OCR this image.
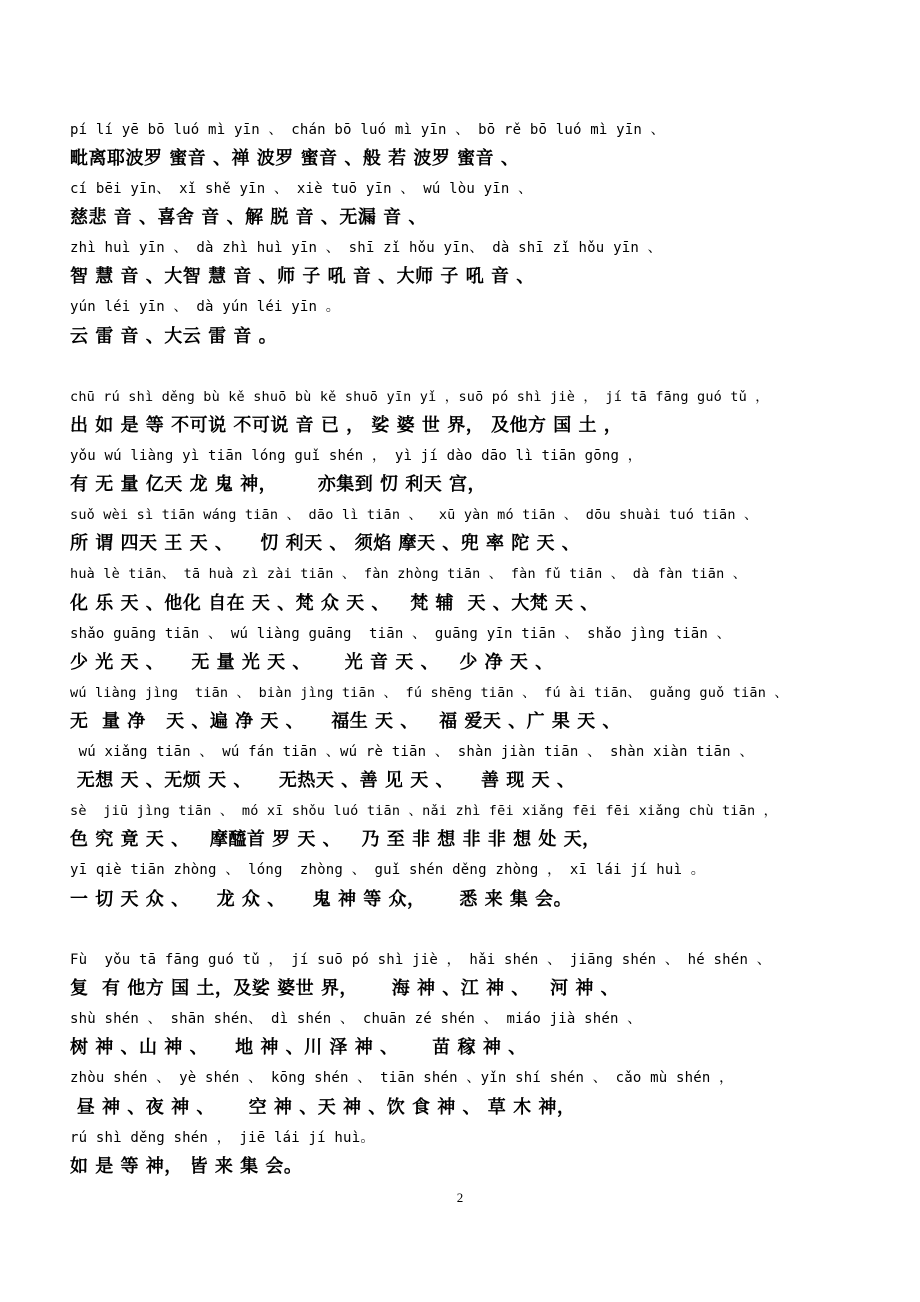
pí lí yē bō luó mì yīn 、 chán bō luó mì yīn 、 bō rě bō luó mì yīn 、
毗离耶波罗 蜜音 、禅 波罗 蜜音 、般 若 波罗 蜜音 、
cí bēi yīn、 xǐ shě yīn 、 xiè tuō yīn 、 wú lòu yīn 、
慈悲 音 、喜舍 音 、解 脱 音 、无漏 音 、
zhì huì yīn 、 dà zhì huì yīn 、 shī zǐ hǒu yīn、 dà shī zǐ hǒu yīn 、
智 慧 音 、大智 慧 音 、师 子 吼 音 、大师 子 吼 音 、
yún léi yīn 、 dà yún léi yīn 。
云 雷 音 、大云 雷 音 。
chū rú shì děng bù kě shuō bù kě shuō yīn yǐ ，suō pó shì jiè ， jí tā fāng guó tǔ ，
出 如 是 等 不可说 不可说 音 已 ， 娑 婆 世 界， 及他方 国 土 ，
yǒu wú liàng yì tiān lóng guǐ shén ， yì jí dào dāo lì tiān gōng ，
有 无 量 亿天 龙 鬼 神，      亦集到 忉 利天 宫，
suǒ wèi sì tiān wáng tiān 、 dāo lì tiān 、  xū yàn mó tiān 、 dōu shuài tuó tiān 、
所 谓 四天 王 天 、    忉 利天 、 须焰 摩天 、兜 率 陀 天 、
huà lè tiān、 tā huà zì zài tiān 、 fàn zhòng tiān 、 fàn fǔ tiān 、 dà fàn tiān 、
化 乐 天 、他化 自在 天 、梵 众 天 、   梵 辅  天 、大梵 天 、
shǎo guāng tiān 、 wú liàng guāng  tiān 、 guāng yīn tiān 、 shǎo jìng tiān 、
少 光 天 、    无 量 光 天 、     光 音 天 、   少 净 天 、
wú liàng jìng  tiān 、 biàn jìng tiān 、 fú shēng tiān 、 fú ài tiān、 guǎng guǒ tiān 、
无  量 净   天 、遍 净 天 、    福生 天 、   福 爱天 、广 果 天 、
wú xiǎng tiān 、 wú fán tiān 、wú rè tiān 、 shàn jiàn tiān 、 shàn xiàn tiān 、
无想 天 、无烦 天 、    无热天 、善 见 天 、    善 现 天 、
sè  jiū jìng tiān 、 mó xī shǒu luó tiān 、nǎi zhì fēi xiǎng fēi fēi xiǎng chù tiān ，
色 究 竟 天 、   摩醯首 罗 天 、   乃 至 非 想 非 非 想 处 天，
yī qiè tiān zhòng 、 lóng  zhòng 、 guǐ shén děng zhòng ， xī lái jí huì 。
一 切 天 众 、    龙 众 、    鬼 神 等 众，     悉 来 集 会。
Fù  yǒu tā fāng guó tǔ ， jí suō pó shì jiè ， hǎi shén 、 jiāng shén 、 hé shén 、
复  有 他方 国 土，及娑 婆世 界，     海 神 、江 神 、   河 神 、
shù shén 、 shān shén、 dì shén 、 chuān zé shén 、 miáo jià shén 、
树 神 、山 神 、    地 神 、川 泽 神 、     苗 稼 神 、
zhòu shén 、 yè shén 、 kōng shén 、 tiān shén 、yǐn shí shén 、 cǎo mù shén ，
昼 神 、夜 神 、     空 神 、天 神 、饮 食 神 、 草 木 神，
rú shì děng shén ， jiē lái jí huì。
如 是 等 神， 皆 来 集 会。
2
